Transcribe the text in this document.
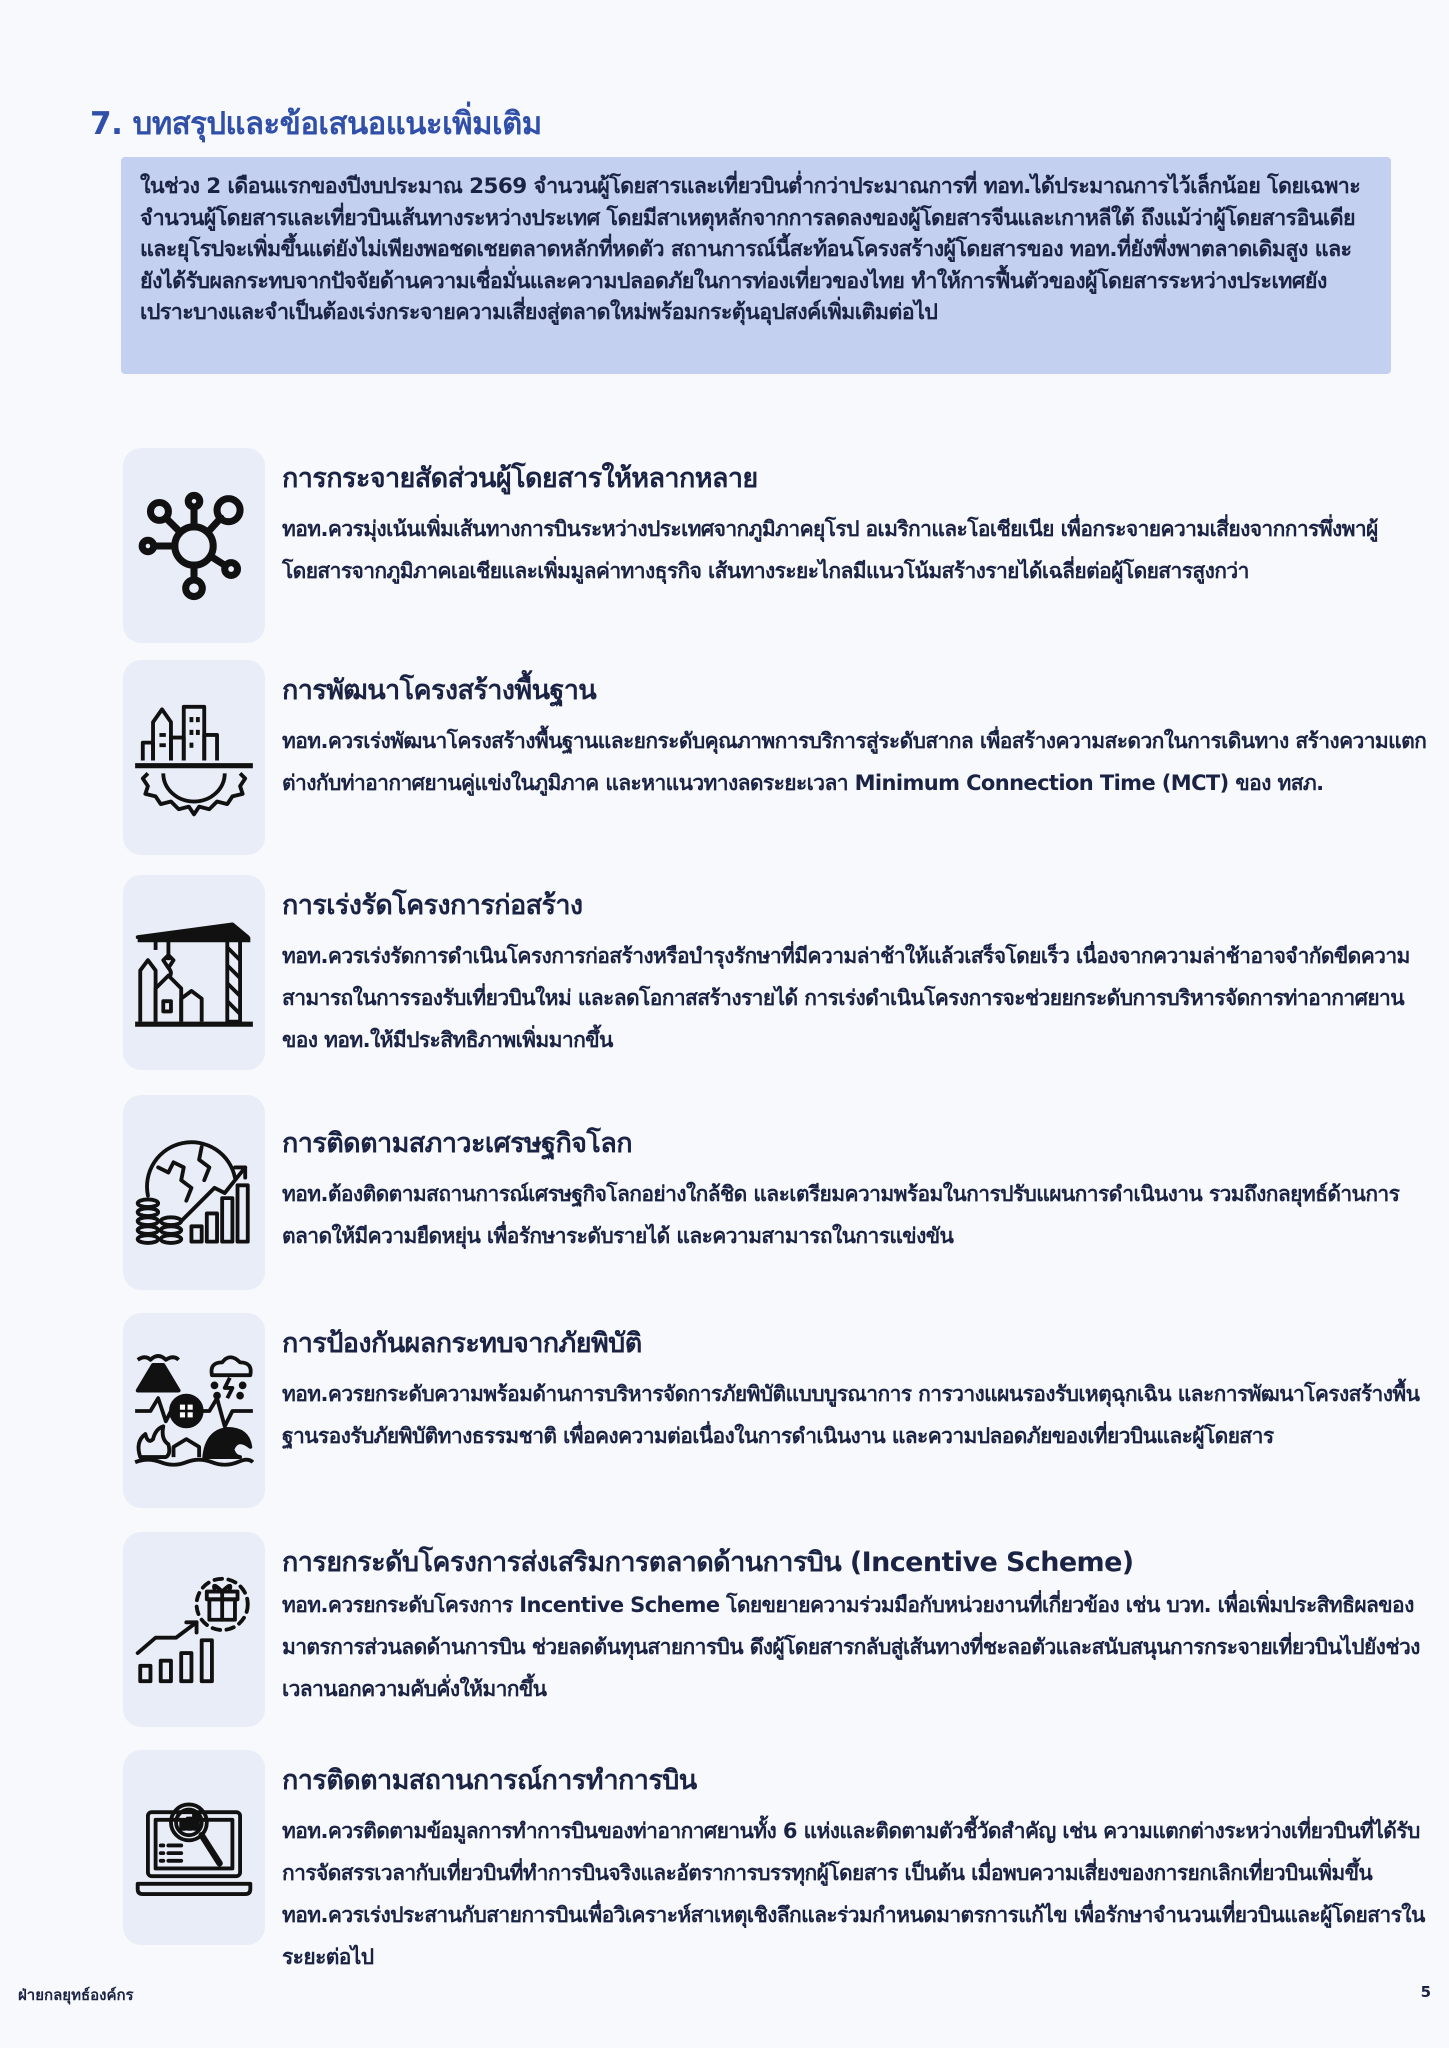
7. บทสรุปและข้อเสนอแนะเพิ่มเติม
ในช่วง 2 เดือนแรกของปีงบประมาณ 2569 จำนวนผู้โดยสารและเที่ยวบินต่ำกว่าประมาณการที่ ทอท.ได้ประมาณการไว้เล็กน้อย โดยเฉพาะจำนวนผู้โดยสารและเที่ยวบินเส้นทางระหว่างประเทศ โดยมีสาเหตุหลักจากการลดลงของผู้โดยสารจีนและเกาหลีใต้ ถึงแม้ว่าผู้โดยสารอินเดียและยุโรปจะเพิ่มขึ้นแต่ยังไม่เพียงพอชดเชยตลาดหลักที่หดตัว สถานการณ์นี้สะท้อนโครงสร้างผู้โดยสารของ ทอท.ที่ยังพึ่งพาตลาดเดิมสูง และยังได้รับผลกระทบจากปัจจัยด้านความเชื่อมั่นและความปลอดภัยในการท่องเที่ยวของไทย ทำให้การฟื้นตัวของผู้โดยสารระหว่างประเทศยังเปราะบางและจำเป็นต้องเร่งกระจายความเสี่ยงสู่ตลาดใหม่พร้อมกระตุ้นอุปสงค์เพิ่มเติมต่อไป
การกระจายสัดส่วนผู้โดยสารให้หลากหลาย
ทอท.ควรมุ่งเน้นเพิ่มเส้นทางการบินระหว่างประเทศจากภูมิภาคยุโรป อเมริกาและโอเชียเนีย เพื่อกระจายความเสี่ยงจากการพึ่งพาผู้โดยสารจากภูมิภาคเอเชียและเพิ่มมูลค่าทางธุรกิจ เส้นทางระยะไกลมีแนวโน้มสร้างรายได้เฉลี่ยต่อผู้โดยสารสูงกว่า
การพัฒนาโครงสร้างพื้นฐาน
ทอท.ควรเร่งพัฒนาโครงสร้างพื้นฐานและยกระดับคุณภาพการบริการสู่ระดับสากล เพื่อสร้างความสะดวกในการเดินทาง สร้างความแตกต่างกับท่าอากาศยานคู่แข่งในภูมิภาค และหาแนวทางลดระยะเวลา Minimum Connection Time (MCT) ของ ทสภ.
การเร่งรัดโครงการก่อสร้าง
ทอท.ควรเร่งรัดการดำเนินโครงการก่อสร้างหรือบำรุงรักษาที่มีความล่าช้าให้แล้วเสร็จโดยเร็ว เนื่องจากความล่าช้าอาจจำกัดขีดความสามารถในการรองรับเที่ยวบินใหม่ และลดโอกาสสร้างรายได้ การเร่งดำเนินโครงการจะช่วยยกระดับการบริหารจัดการท่าอากาศยานของ ทอท.ให้มีประสิทธิภาพเพิ่มมากขึ้น
การติดตามสภาวะเศรษฐกิจโลก
ทอท.ต้องติดตามสถานการณ์เศรษฐกิจโลกอย่างใกล้ชิด และเตรียมความพร้อมในการปรับแผนการดำเนินงาน รวมถึงกลยุทธ์ด้านการตลาดให้มีความยืดหยุ่น เพื่อรักษาระดับรายได้ และความสามารถในการแข่งขัน
การป้องกันผลกระทบจากภัยพิบัติ
ทอท.ควรยกระดับความพร้อมด้านการบริหารจัดการภัยพิบัติแบบบูรณาการ การวางแผนรองรับเหตุฉุกเฉิน และการพัฒนาโครงสร้างพื้นฐานรองรับภัยพิบัติทางธรรมชาติ เพื่อคงความต่อเนื่องในการดำเนินงาน และความปลอดภัยของเที่ยวบินและผู้โดยสาร
การยกระดับโครงการส่งเสริมการตลาดด้านการบิน (Incentive Scheme)
ทอท.ควรยกระดับโครงการ Incentive Scheme โดยขยายความร่วมมือกับหน่วยงานที่เกี่ยวข้อง เช่น บวท. เพื่อเพิ่มประสิทธิผลของมาตรการส่วนลดด้านการบิน ช่วยลดต้นทุนสายการบิน ดึงผู้โดยสารกลับสู่เส้นทางที่ชะลอตัวและสนับสนุนการกระจายเที่ยวบินไปยังช่วงเวลานอกความคับคั่งให้มากขึ้น
การติดตามสถานการณ์การทำการบิน
ทอท.ควรติดตามข้อมูลการทำการบินของท่าอากาศยานทั้ง 6 แห่งและติดตามตัวชี้วัดสำคัญ เช่น ความแตกต่างระหว่างเที่ยวบินที่ได้รับการจัดสรรเวลากับเที่ยวบินที่ทำการบินจริงและอัตราการบรรทุกผู้โดยสาร เป็นต้น เมื่อพบความเสี่ยงของการยกเลิกเที่ยวบินเพิ่มขึ้น ทอท.ควรเร่งประสานกับสายการบินเพื่อวิเคราะห์สาเหตุเชิงลึกและร่วมกำหนดมาตรการแก้ไข เพื่อรักษาจำนวนเที่ยวบินและผู้โดยสารในระยะต่อไป
ฝ่ายกลยุทธ์องค์กร	5
